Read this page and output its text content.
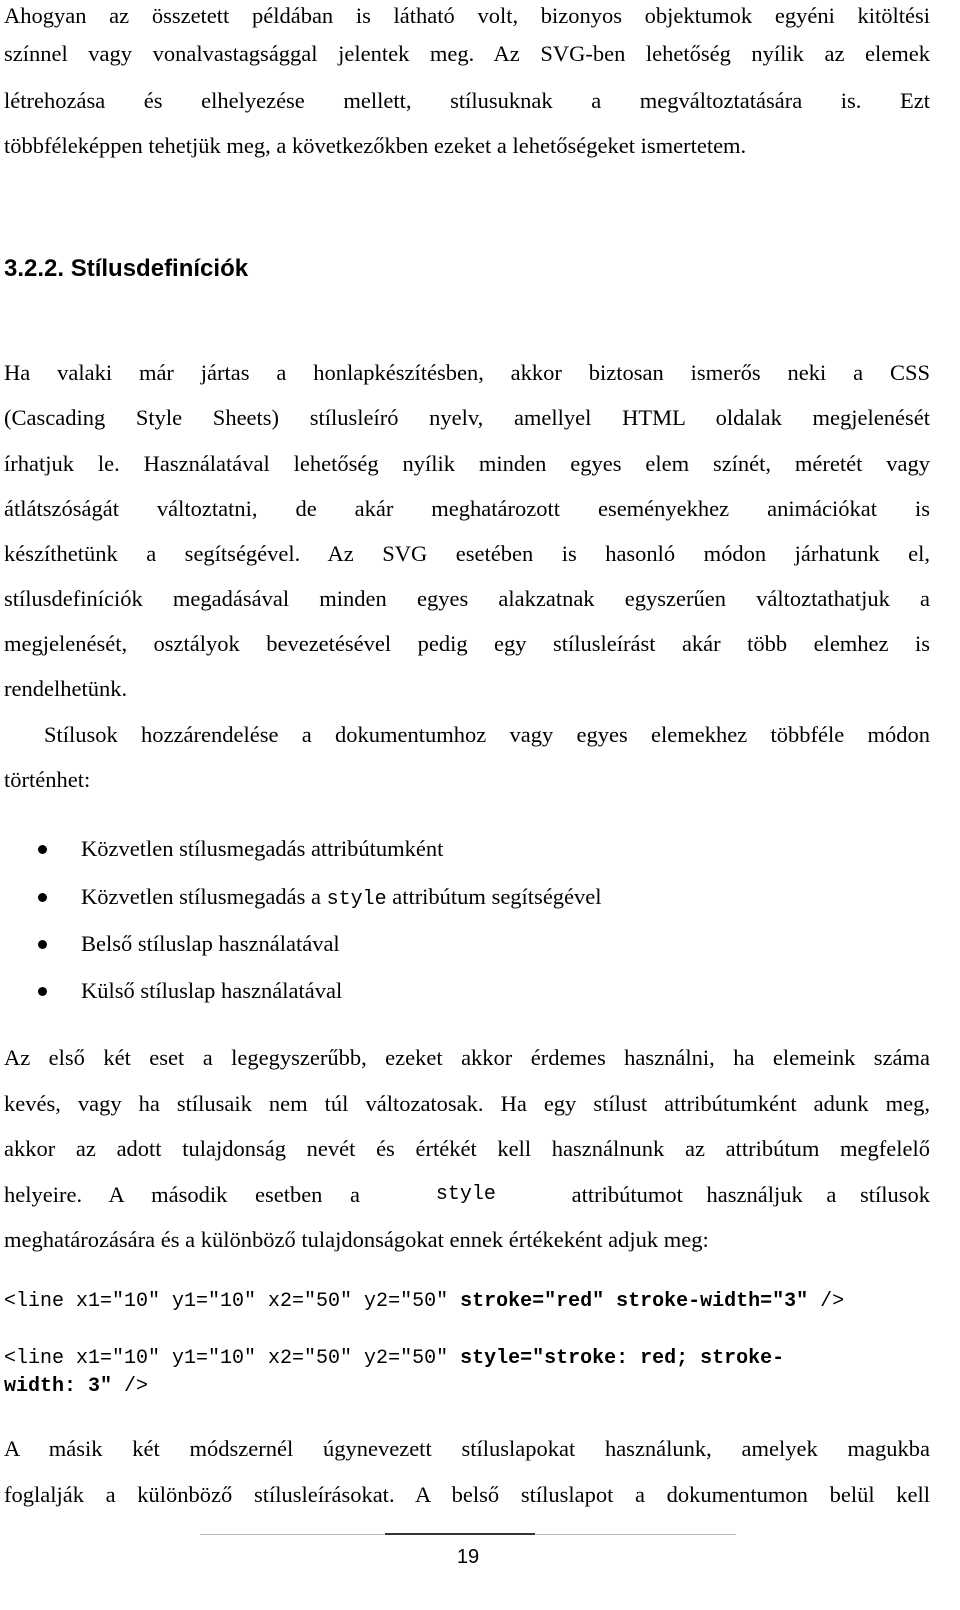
Ahogyan az összetett példában is látható volt, bizonyos objektumok egyéni kitöltési
színnel vagy vonalvastagsággal jelentek meg. Az SVG-ben lehetőség nyílik az elemek
létrehozása és elhelyezése mellett, stílusuknak a megváltoztatására is. Ezt
többféleképpen tehetjük meg, a következőkben ezeket a lehetőségeket ismertetem.
3.2.2. Stílusdefiníciók
Ha valaki már jártas a honlapkészítésben, akkor biztosan ismerős neki a CSS
(Cascading Style Sheets) stílusleíró nyelv, amellyel HTML oldalak megjelenését
írhatjuk le. Használatával lehetőség nyílik minden egyes elem színét, méretét vagy
átlátszóságát változtatni, de akár meghatározott eseményekhez animációkat is
készíthetünk a segítségével. Az SVG esetében is hasonló módon járhatunk el,
stílusdefiníciók megadásával minden egyes alakzatnak egyszerűen változtathatjuk a
megjelenését, osztályok bevezetésével pedig egy stílusleírást akár több elemhez is
rendelhetünk.
Stílusok hozzárendelése a dokumentumhoz vagy egyes elemekhez többféle módon
történhet:
Közvetlen stílusmegadás attribútumként
Közvetlen stílusmegadás a style attribútum segítségével
Belső stíluslap használatával
Külső stíluslap használatával
Az első két eset a legegyszerűbb, ezeket akkor érdemes használni, ha elemeink száma
kevés, vagy ha stílusaik nem túl változatosak. Ha egy stílust attribútumként adunk meg,
akkor az adott tulajdonság nevét és értékét kell használnunk az attribútum megfelelő
helyeire. A második esetben a	style	attribútumot használjuk a stílusok
meghatározására és a különböző tulajdonságokat ennek értékeként adjuk meg:
<line x1="10" y1="10" x2="50" y2="50" stroke="red" stroke-width="3" />
<line x1="10" y1="10" x2="50" y2="50" style="stroke: red; stroke-
width: 3" />
A másik két módszernél úgynevezett stíluslapokat használunk, amelyek magukba
foglalják a különböző stílusleírásokat. A belső stíluslapot a dokumentumon belül kell
19
